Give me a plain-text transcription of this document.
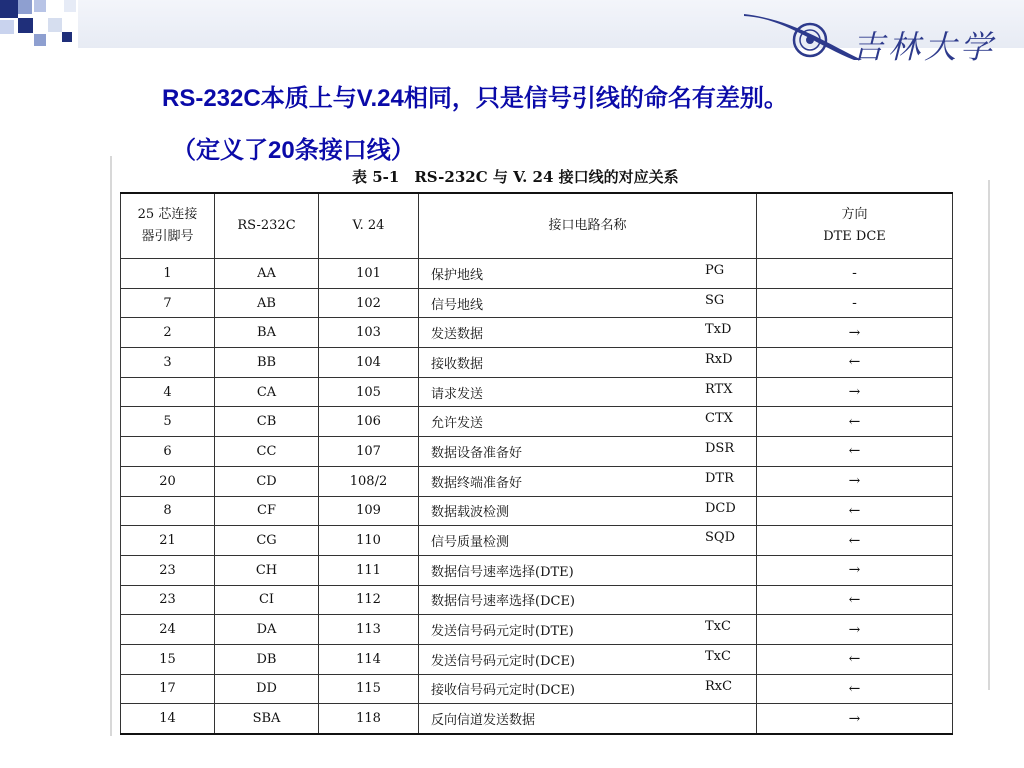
吉林大学
RS-232C本质上与V.24相同，只是信号引线的命名有差别。
（定义了20条接口线）
表 5-1　RS-232C 与 V. 24 接口线的对应关系
25 芯连接
器引脚号	RS-232C	V. 24	接口电路名称	方向
DTE DCE
1	AA	101	保护地线 PG	-
7	AB	102	信号地线 SG	-
2	BA	103	发送数据 TxD	→
3	BB	104	接收数据 RxD	←
4	CA	105	请求发送 RTX	→
5	CB	106	允许发送 CTX	←
6	CC	107	数据设备准备好 DSR	←
20	CD	108/2	数据终端准备好 DTR	→
8	CF	109	数据载波检测 DCD	←
21	CG	110	信号质量检测 SQD	←
23	CH	111	数据信号速率选择(DTE)	→
23	CI	112	数据信号速率选择(DCE)	←
24	DA	113	发送信号码元定时(DTE) TxC	→
15	DB	114	发送信号码元定时(DCE) TxC	←
17	DD	115	接收信号码元定时(DCE) RxC	←
14	SBA	118	反向信道发送数据	→
